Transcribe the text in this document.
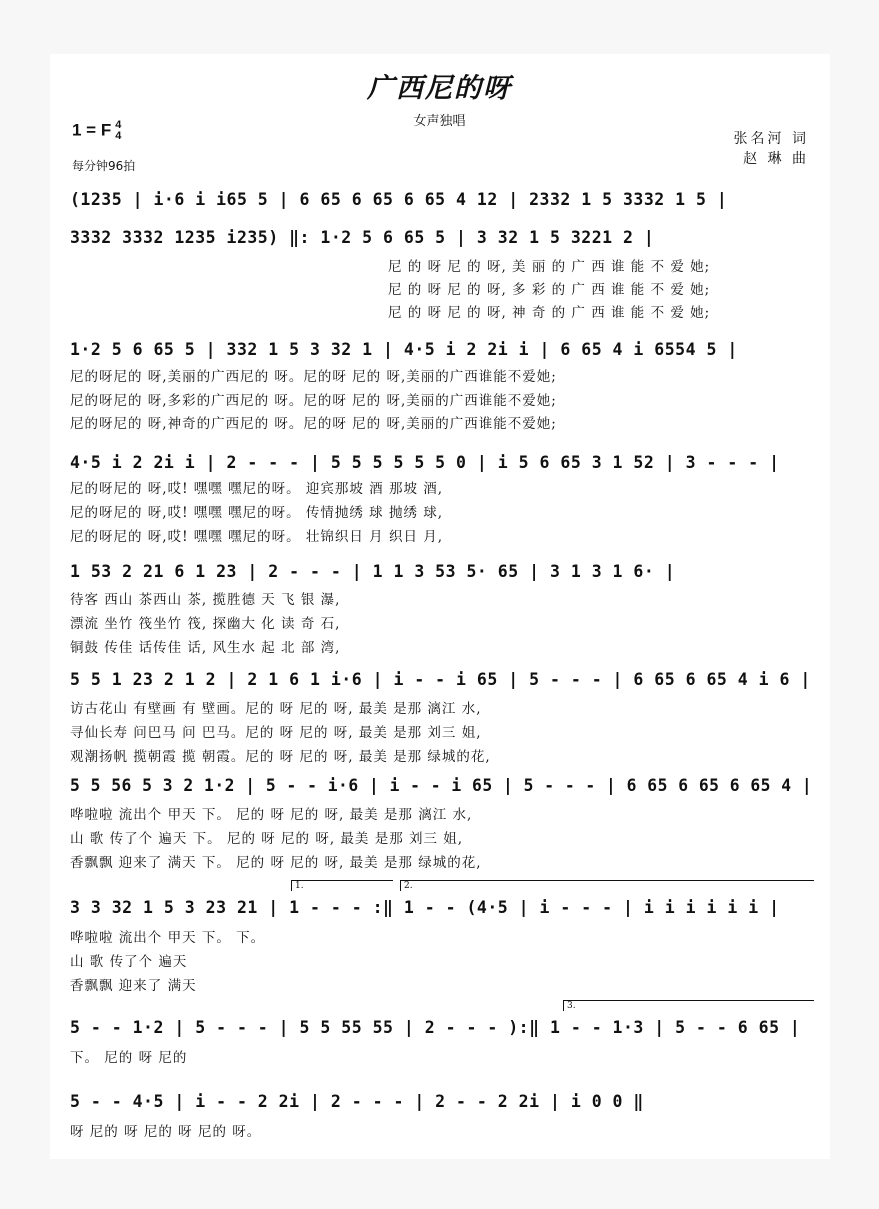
广西尼的呀
女声独唱
1 = F 4
4
每分钟96拍
张名河 词
赵 琳 曲
(1235 | i·6 i i65 5 | 6 65 6 65 6 65 4 12 | 2332 1 5 3332 1 5 |
3332 3332 1235 i235) ‖: 1·2 5 6 65 5 | 3 32 1 5 3221 2 |
尼 的 呀 尼 的 呀, 美 丽 的 广 西 谁 能 不 爱 她;
尼 的 呀 尼 的 呀, 多 彩 的 广 西 谁 能 不 爱 她;
尼 的 呀 尼 的 呀, 神 奇 的 广 西 谁 能 不 爱 她;
1·2 5 6 65 5 | 332 1 5 3 32 1 | 4·5 i 2 2i i | 6 65 4 i 6554 5 |
尼的呀尼的 呀,美丽的广西尼的 呀。尼的呀 尼的 呀,美丽的广西谁能不爱她;
尼的呀尼的 呀,多彩的广西尼的 呀。尼的呀 尼的 呀,美丽的广西谁能不爱她;
尼的呀尼的 呀,神奇的广西尼的 呀。尼的呀 尼的 呀,美丽的广西谁能不爱她;
4·5 i 2 2i i | 2 - - - | 5 5 5 5 5 5 0 | i 5 6 65 3 1 52 | 3 - - - |
尼的呀尼的 呀,哎! 嘿嘿 嘿尼的呀。 迎宾那坡 酒 那坡 酒,
尼的呀尼的 呀,哎! 嘿嘿 嘿尼的呀。 传情抛绣 球 抛绣 球,
尼的呀尼的 呀,哎! 嘿嘿 嘿尼的呀。 壮锦织日 月 织日 月,
1 53 2 21 6 1 23 | 2 - - - | 1 1 3 53 5· 65 | 3 1 3 1 6· |
待客 西山 茶西山 茶, 揽胜德 天 飞 银 瀑,
漂流 坐竹 筏坐竹 筏, 探幽大 化 读 奇 石,
铜鼓 传佳 话传佳 话, 风生水 起 北 部 湾,
5 5 1 23 2 1 2 | 2 1 6 1 i·6 | i - - i 65 | 5 - - - | 6 65 6 65 4 i 6 |
访古花山 有壁画 有 壁画。尼的 呀 尼的 呀, 最美 是那 漓江 水,
寻仙长寿 问巴马 问 巴马。尼的 呀 尼的 呀, 最美 是那 刘三 姐,
观潮扬帆 揽朝霞 揽 朝霞。尼的 呀 尼的 呀, 最美 是那 绿城的花,
5 5 56 5 3 2 1·2 | 5 - - i·6 | i - - i 65 | 5 - - - | 6 65 6 65 6 65 4 |
哗啦啦 流出个 甲天 下。 尼的 呀 尼的 呀, 最美 是那 漓江 水,
山 歌 传了个 遍天 下。 尼的 呀 尼的 呀, 最美 是那 刘三 姐,
香飘飘 迎来了 满天 下。 尼的 呀 尼的 呀, 最美 是那 绿城的花,
1.	2.
3 3 32 1 5 3 23 21 | 1 - - - :‖ 1 - - (4·5 | i - - - | i i i i i i |
哗啦啦 流出个 甲天 下。 下。
山 歌 传了个 遍天
香飘飘 迎来了 满天
3.
5 - - 1·2 | 5 - - - | 5 5 55 55 | 2 - - - ):‖ 1 - - 1·3 | 5 - - 6 65 |
下。 尼的 呀 尼的
5 - - 4·5 | i - - 2 2i | 2 - - - | 2 - - 2 2i | i 0 0 ‖
呀 尼的 呀 尼的 呀 尼的 呀。
